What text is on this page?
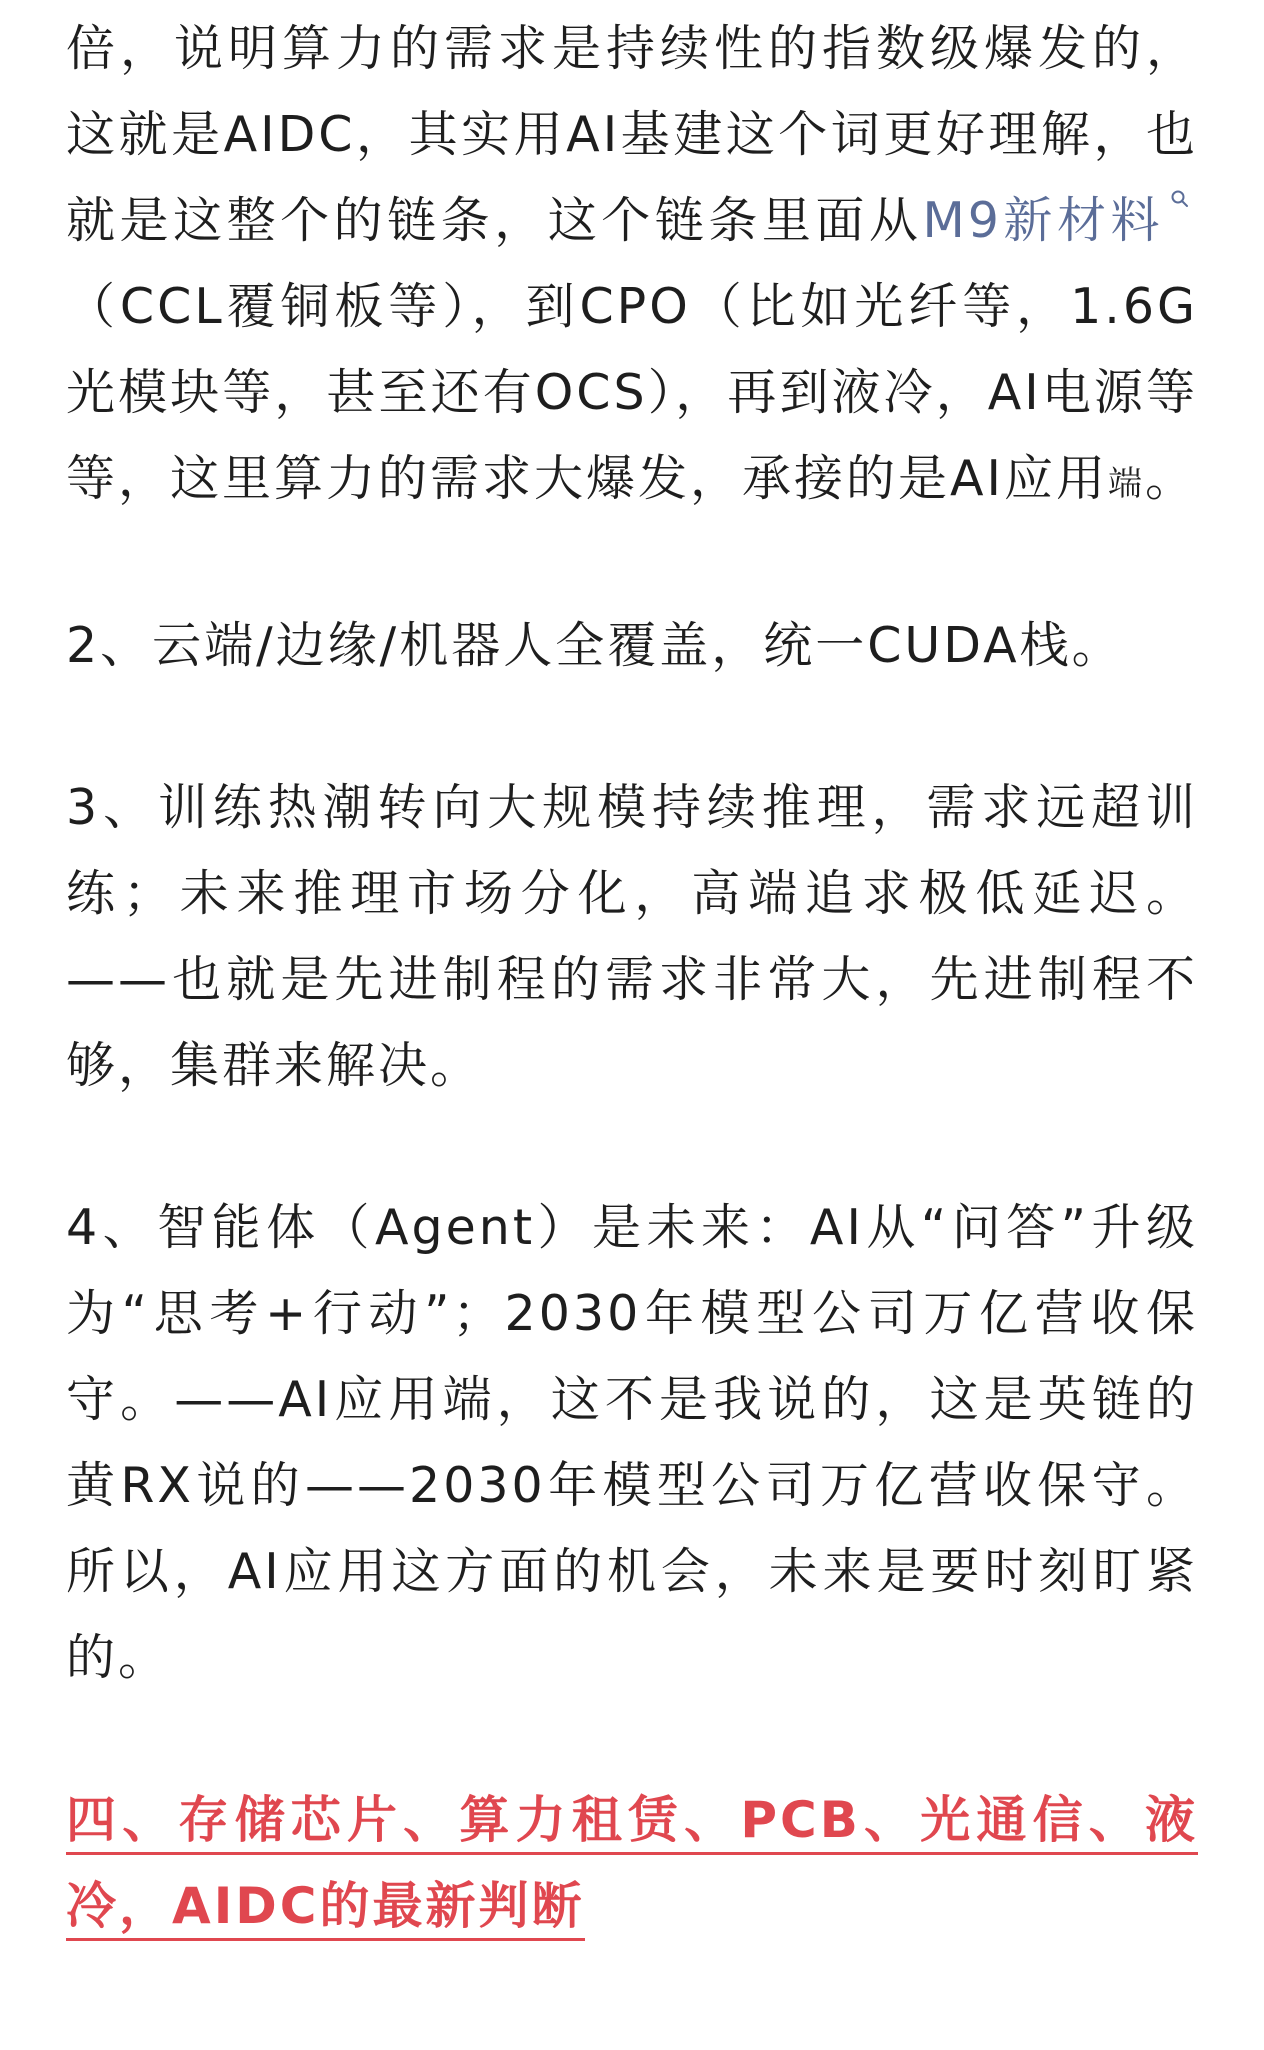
倍，说明算力的需求是持续性的指数级爆发的，这就是AIDC，其实用AI基建这个词更好理解，也就是这整个的链条，这个链条里面从M9新材料（CCL覆铜板等），到CPO（比如光纤等，1.6G光模块等，甚至还有OCS），再到液冷，AI电源等等，这里算力的需求大爆发，承接的是AI应用端。

2、云端/边缘/机器人全覆盖，统一CUDA栈。

3、训练热潮转向大规模持续推理，需求远超训练；未来推理市场分化，高端追求极低延迟。——也就是先进制程的需求非常大，先进制程不够，集群来解决。

4、智能体（Agent）是未来：AI从“问答”升级为“思考+行动”；2030年模型公司万亿营收保守。——AI应用端，这不是我说的，这是英链的黄RX说的——2030年模型公司万亿营收保守。所以，AI应用这方面的机会，未来是要时刻盯紧的。

四、存储芯片、算力租赁、PCB、光通信、液冷，AIDC的最新判断
